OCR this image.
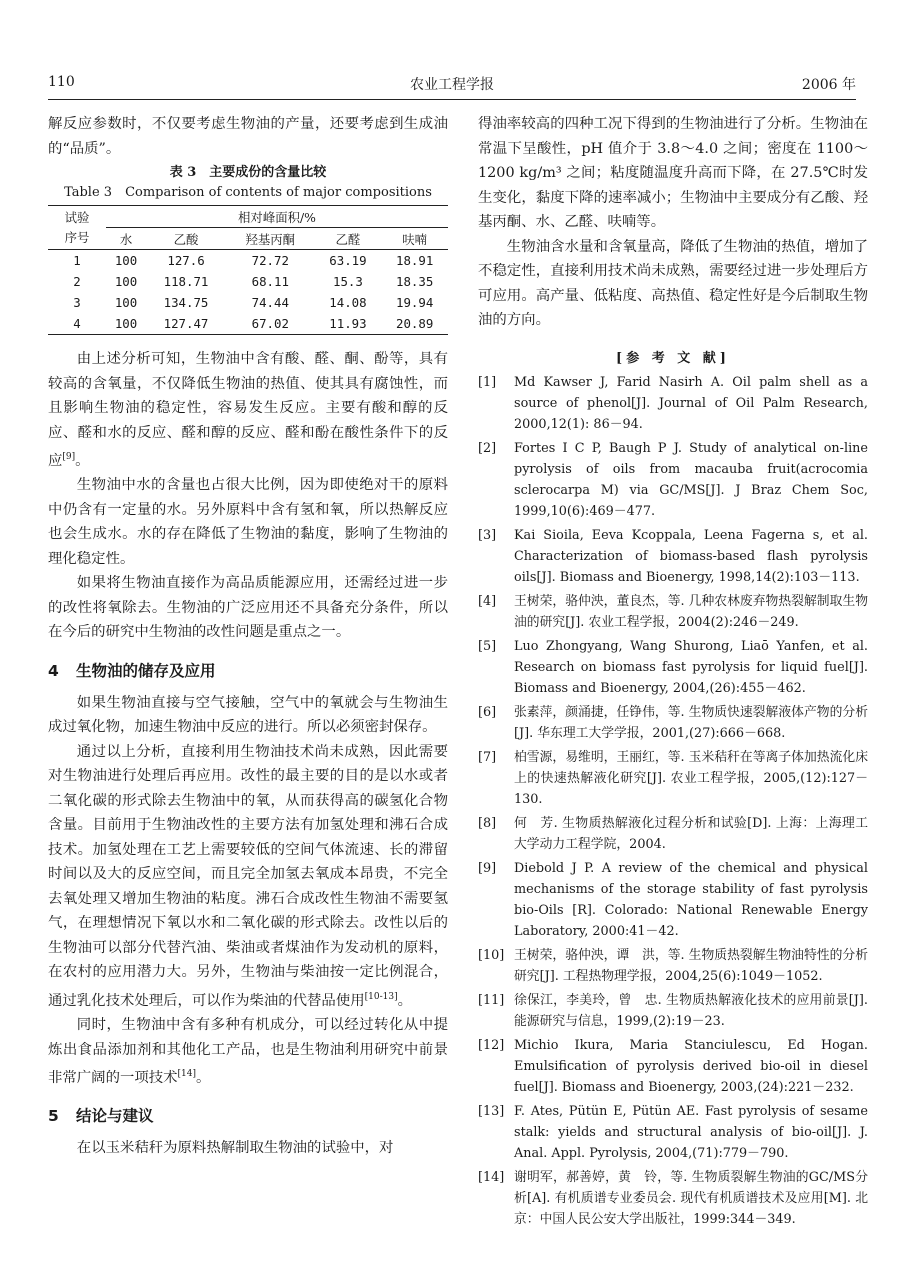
110	农业工程学报	2006 年

解反应参数时，不仅要考虑生物油的产量，还要考虑到生成油的“品质”。

表 3　主要成份的含量比较
Table 3　Comparison of contents of major compositions
试验
序号	相对峰面积/%				
	水	乙酸	羟基丙酮	乙醛	呋喃
1	100	127.6	72.72	63.19	18.91
2	100	118.71	68.11	15.3	18.35
3	100	134.75	74.44	14.08	19.94
4	100	127.47	67.02	11.93	20.89

由上述分析可知，生物油中含有酸、醛、酮、酚等，具有较高的含氧量，不仅降低生物油的热值、使其具有腐蚀性，而且影响生物油的稳定性，容易发生反应。主要有酸和醇的反应、醛和水的反应、醛和醇的反应、醛和酚在酸性条件下的反应[9]。

生物油中水的含量也占很大比例，因为即使绝对干的原料中仍含有一定量的水。另外原料中含有氢和氧，所以热解反应也会生成水。水的存在降低了生物油的黏度，影响了生物油的理化稳定性。

如果将生物油直接作为高品质能源应用，还需经过进一步的改性将氧除去。生物油的广泛应用还不具备充分条件，所以在今后的研究中生物油的改性问题是重点之一。

4 生物油的储存及应用

如果生物油直接与空气接触，空气中的氧就会与生物油生成过氧化物，加速生物油中反应的进行。所以必须密封保存。

通过以上分析，直接利用生物油技术尚未成熟，因此需要对生物油进行处理后再应用。改性的最主要的目的是以水或者二氧化碳的形式除去生物油中的氧，从而获得高的碳氢化合物含量。目前用于生物油改性的主要方法有加氢处理和沸石合成技术。加氢处理在工艺上需要较低的空间气体流速、长的滞留时间以及大的反应空间，而且完全加氢去氧成本昂贵，不完全去氧处理又增加生物油的粘度。沸石合成改性生物油不需要氢气，在理想情况下氧以水和二氧化碳的形式除去。改性以后的生物油可以部分代替汽油、柴油或者煤油作为发动机的原料，在农村的应用潜力大。另外，生物油与柴油按一定比例混合，通过乳化技术处理后，可以作为柴油的代替品使用[10-13]。

同时，生物油中含有多种有机成分，可以经过转化从中提炼出食品添加剂和其他化工产品，也是生物油利用研究中前景非常广阔的一项技术[14]。

5 结论与建议

在以玉米秸秆为原料热解制取生物油的试验中，对

得油率较高的四种工况下得到的生物油进行了分析。生物油在常温下呈酸性，pH 值介于 3.8～4.0 之间；密度在 1100～1200 kg/m³ 之间；粘度随温度升高而下降，在 27.5℃时发生变化，黏度下降的速率减小；生物油中主要成分有乙酸、羟基丙酮、水、乙醛、呋喃等。

生物油含水量和含氧量高，降低了生物油的热值，增加了不稳定性，直接利用技术尚未成熟，需要经过进一步处理后方可应用。高产量、低粘度、高热值、稳定性好是今后制取生物油的方向。

[参 考 文 献]
[1] Md Kawser J, Farid Nasirh A. Oil palm shell as a source of phenol[J]. Journal of Oil Palm Research, 2000,12(1): 86－94.
[2] Fortes I C P, Baugh P J. Study of analytical on-line pyrolysis of oils from macauba fruit(acrocomia sclerocarpa M) via GC/MS[J]. J Braz Chem Soc, 1999,10(6):469－477.
[3] Kai Sioila, Eeva Kcoppala, Leena Fagerna s, et al. Characterization of biomass-based flash pyrolysis oils[J]. Biomass and Bioenergy, 1998,14(2):103－113.
[4] 王树荣，骆仲泱，董良杰，等. 几种农林废弃物热裂解制取生物油的研究[J]. 农业工程学报，2004(2):246－249.
[5] Luo Zhongyang, Wang Shurong, Liaō Yanfen, et al. Research on biomass fast pyrolysis for liquid fuel[J]. Biomass and Bioenergy, 2004,(26):455－462.
[6] 张素萍，颜涌捷，任铮伟，等. 生物质快速裂解液体产物的分析[J]. 华东理工大学学报，2001,(27):666－668.
[7] 柏雪源，易维明，王丽红，等. 玉米秸秆在等离子体加热流化床上的快速热解液化研究[J]. 农业工程学报，2005,(12):127－130.
[8] 何　芳. 生物质热解液化过程分析和试验[D]. 上海：上海理工大学动力工程学院，2004.
[9] Diebold J P. A review of the chemical and physical mechanisms of the storage stability of fast pyrolysis bio-Oils [R]. Colorado: National Renewable Energy Laboratory, 2000:41－42.
[10] 王树荣，骆仲泱，谭　洪，等. 生物质热裂解生物油特性的分析研究[J]. 工程热物理学报，2004,25(6):1049－1052.
[11] 徐保江，李美玲，曾　忠. 生物质热解液化技术的应用前景[J]. 能源研究与信息，1999,(2):19－23.
[12] Michio Ikura, Maria Stanciulescu, Ed Hogan. Emulsification of pyrolysis derived bio-oil in diesel fuel[J]. Biomass and Bioenergy, 2003,(24):221－232.
[13] F. Ates, Pütün E, Pütün AE. Fast pyrolysis of sesame stalk: yields and structural analysis of bio-oil[J]. J. Anal. Appl. Pyrolysis, 2004,(71):779－790.
[14] 谢明军，郝善婷，黄　铃，等. 生物质裂解生物油的GC/MS分析[A]. 有机质谱专业委员会. 现代有机质谱技术及应用[M]. 北京：中国人民公安大学出版社，1999:344－349.
